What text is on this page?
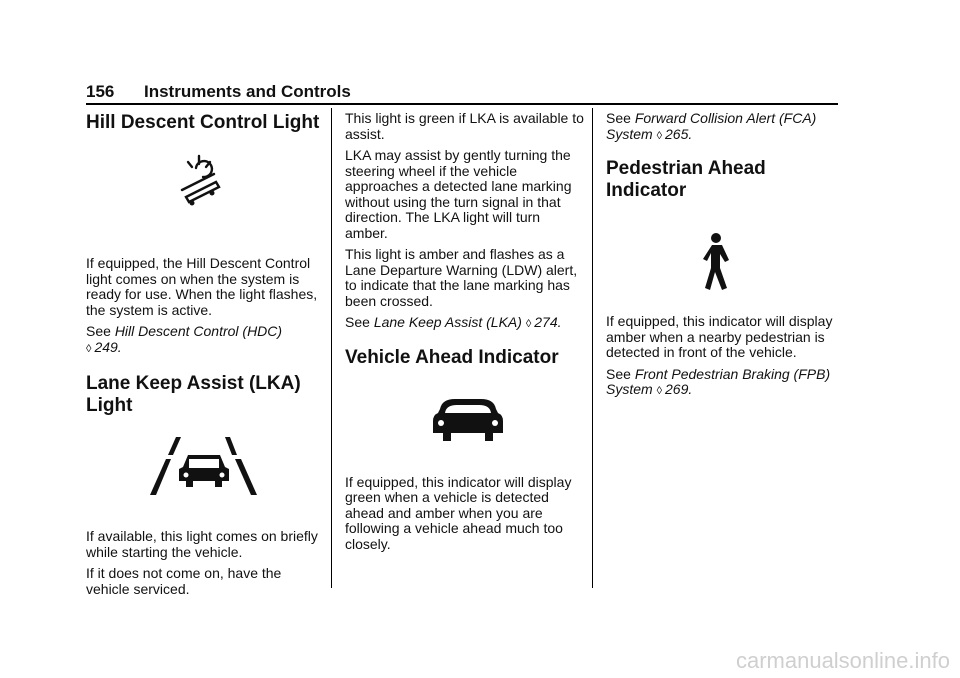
156 Instruments and Controls
Hill Descent Control Light

If equipped, the Hill Descent Control light comes on when the system is ready for use. When the light flashes, the system is active.

See Hill Descent Control (HDC)
◊ 249.

Lane Keep Assist (LKA) Light

If available, this light comes on briefly while starting the vehicle.

If it does not come on, have the vehicle serviced.

This light is green if LKA is available to assist.

LKA may assist by gently turning the steering wheel if the vehicle approaches a detected lane marking without using the turn signal in that direction. The LKA light will turn amber.

This light is amber and flashes as a Lane Departure Warning (LDW) alert, to indicate that the lane marking has been crossed.

See Lane Keep Assist (LKA) ◊ 274.

Vehicle Ahead Indicator

If equipped, this indicator will display green when a vehicle is detected ahead and amber when you are following a vehicle ahead much too closely.

See Forward Collision Alert (FCA) System ◊ 265.

Pedestrian Ahead Indicator

If equipped, this indicator will display amber when a nearby pedestrian is detected in front of the vehicle.

See Front Pedestrian Braking (FPB) System ◊ 269.

carmanualsonline.info
